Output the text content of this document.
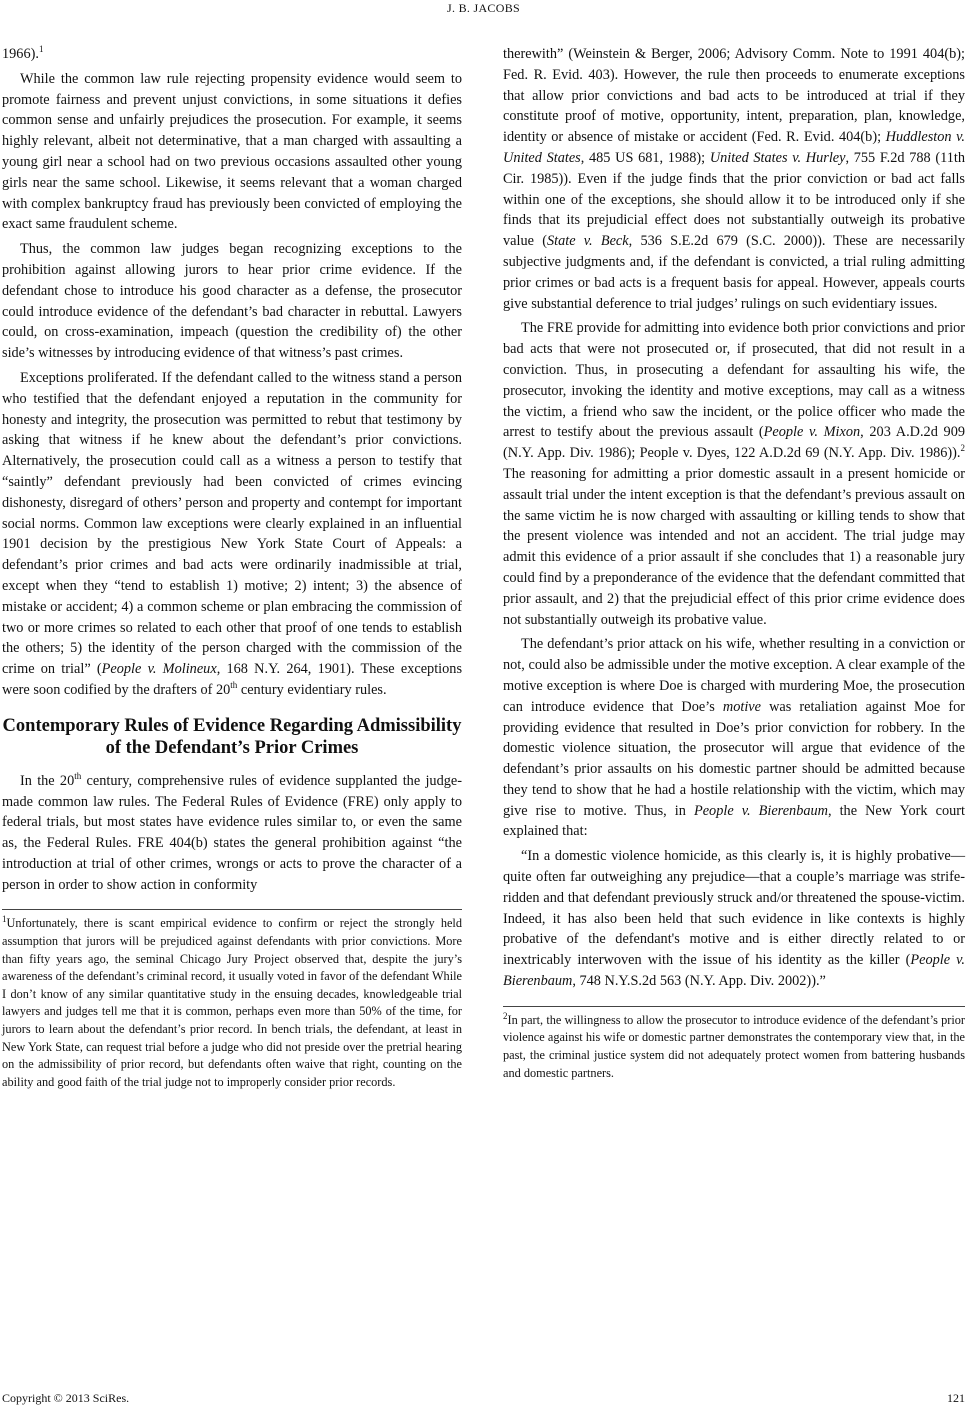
J. B. JACOBS

1966).$^1$

While the common law rule rejecting propensity evidence would seem to promote fairness and prevent unjust convictions, in some situations it defies common sense and unfairly prejudices the prosecution. For example, it seems highly relevant, albeit not determinative, that a man charged with assaulting a young girl near a school had on two previous occasions assaulted other young girls near the same school. Likewise, it seems relevant that a woman charged with complex bankruptcy fraud has previously been convicted of employing the exact same fraudulent scheme.

Thus, the common law judges began recognizing exceptions to the prohibition against allowing jurors to hear prior crime evidence. If the defendant chose to introduce his good character as a defense, the prosecutor could introduce evidence of the defendant’s bad character in rebuttal. Lawyers could, on cross-examination, impeach (question the credibility of) the other side’s witnesses by introducing evidence of that witness’s past crimes.

Exceptions proliferated. If the defendant called to the witness stand a person who testified that the defendant enjoyed a reputation in the community for honesty and integrity, the prosecution was permitted to rebut that testimony by asking that witness if he knew about the defendant’s prior convictions. Alternatively, the prosecution could call as a witness a person to testify that “saintly” defendant previously had been convicted of crimes evincing dishonesty, disregard of others’ person and property and contempt for important social norms. Common law exceptions were clearly explained in an influential 1901 decision by the prestigious New York State Court of Appeals: a defendant’s prior crimes and bad acts were ordinarily inadmissible at trial, except when they “tend to establish 1) motive; 2) intent; 3) the absence of mistake or accident; 4) a common scheme or plan embracing the commission of two or more crimes so related to each other that proof of one tends to establish the others; 5) the identity of the person charged with the commission of the crime on trial” (People v. Molineux, 168 N.Y. 264, 1901). These exceptions were soon codified by the drafters of 20th century evidentiary rules.

Contemporary Rules of Evidence Regarding Admissibility of the Defendant’s Prior Crimes

In the 20th century, comprehensive rules of evidence supplanted the judge-made common law rules. The Federal Rules of Evidence (FRE) only apply to federal trials, but most states have evidence rules similar to, or even the same as, the Federal Rules. FRE 404(b) states the general prohibition against “the introduction at trial of other crimes, wrongs or acts to prove the character of a person in order to show action in conformity

$^1$Unfortunately, there is scant empirical evidence to confirm or reject the strongly held assumption that jurors will be prejudiced against defendants with prior convictions. More than fifty years ago, the seminal Chicago Jury Project observed that, despite the jury’s awareness of the defendant’s criminal record, it usually voted in favor of the defendant While I don’t know of any similar quantitative study in the ensuing decades, knowledgeable trial lawyers and judges tell me that it is common, perhaps even more than 50% of the time, for jurors to learn about the defendant’s prior record. In bench trials, the defendant, at least in New York State, can request trial before a judge who did not preside over the pretrial hearing on the admissibility of prior record, but defendants often waive that right, counting on the ability and good faith of the trial judge not to improperly consider prior records.

therewith” (Weinstein & Berger, 2006; Advisory Comm. Note to 1991 404(b); Fed. R. Evid. 403). However, the rule then proceeds to enumerate exceptions that allow prior convictions and bad acts to be introduced at trial if they constitute proof of motive, opportunity, intent, preparation, plan, knowledge, identity or absence of mistake or accident (Fed. R. Evid. 404(b); Huddleston v. United States, 485 US 681, 1988); United States v. Hurley, 755 F.2d 788 (11th Cir. 1985)). Even if the judge finds that the prior conviction or bad act falls within one of the exceptions, she should allow it to be introduced only if she finds that its prejudicial effect does not substantially outweigh its probative value (State v. Beck, 536 S.E.2d 679 (S.C. 2000)). These are necessarily subjective judgments and, if the defendant is convicted, a trial ruling admitting prior crimes or bad acts is a frequent basis for appeal. However, appeals courts give substantial deference to trial judges’ rulings on such evidentiary issues.

The FRE provide for admitting into evidence both prior convictions and prior bad acts that were not prosecuted or, if prosecuted, that did not result in a conviction. Thus, in prosecuting a defendant for assaulting his wife, the prosecutor, invoking the identity and motive exceptions, may call as a witness the victim, a friend who saw the incident, or the police officer who made the arrest to testify about the previous assault (People v. Mixon, 203 A.D.2d 909 (N.Y. App. Div. 1986); People v. Dyes, 122 A.D.2d 69 (N.Y. App. Div. 1986)).$^2$ The reasoning for admitting a prior domestic assault in a present homicide or assault trial under the intent exception is that the defendant’s previous assault on the same victim he is now charged with assaulting or killing tends to show that the present violence was intended and not an accident. The trial judge may admit this evidence of a prior assault if she concludes that 1) a reasonable jury could find by a preponderance of the evidence that the defendant committed that prior assault, and 2) that the prejudicial effect of this prior crime evidence does not substantially outweigh its probative value.

The defendant’s prior attack on his wife, whether resulting in a conviction or not, could also be admissible under the motive exception. A clear example of the motive exception is where Doe is charged with murdering Moe, the prosecution can introduce evidence that Doe’s motive was retaliation against Moe for providing evidence that resulted in Doe’s prior conviction for robbery. In the domestic violence situation, the prosecutor will argue that evidence of the defendant’s prior assaults on his domestic partner should be admitted because they tend to show that he had a hostile relationship with the victim, which may give rise to motive. Thus, in People v. Bierenbaum, the New York court explained that:

“In a domestic violence homicide, as this clearly is, it is highly probative—quite often far outweighing any prejudice—that a couple’s marriage was strife-ridden and that defendant previously struck and/or threatened the spouse-victim. Indeed, it has also been held that such evidence in like contexts is highly probative of the defendant's motive and is either directly related to or inextricably interwoven with the issue of his identity as the killer (People v. Bierenbaum, 748 N.Y.S.2d 563 (N.Y. App. Div. 2002)).”

$^2$In part, the willingness to allow the prosecutor to introduce evidence of the defendant’s prior violence against his wife or domestic partner demonstrates the contemporary view that, in the past, the criminal justice system did not adequately protect women from battering husbands and domestic partners.

Copyright © 2013 SciRes.	121
